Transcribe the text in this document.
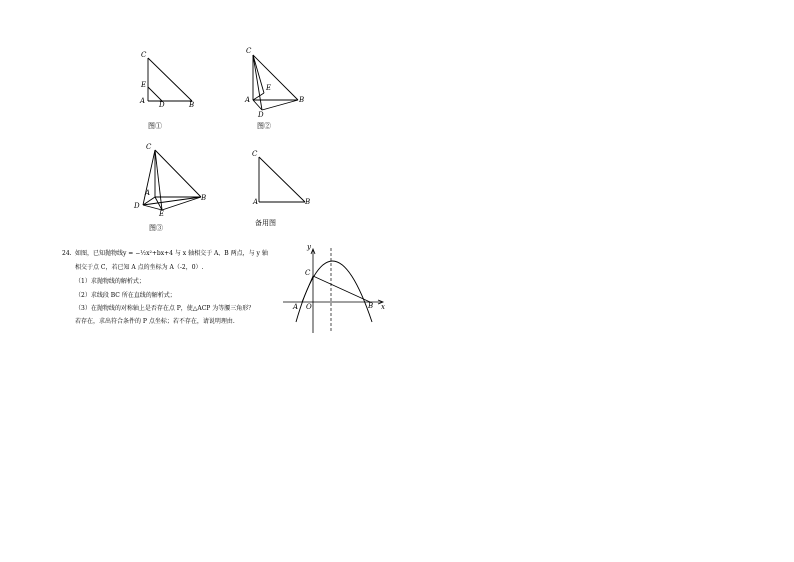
C
E
A D	B
图①
C
E
A
D
B
图②
C
A
D
E
B
图③
C
A	B
备用图
24. 如图，已知抛物线y = −½x²+bx+4 与 x 轴相交于 A、B 两点，与 y 轴
相交于点 C，若已知 A 点的坐标为 A（-2，0）.
（1）求抛物线的解析式；
（2）求线段 BC 所在直线的解析式；
（3）在抛物线的对称轴上是否存在点 P，使△ACP 为等腰三角形？
若存在，求出符合条件的 P 点坐标；若不存在，请说明理由.
y
x
C
A O	B
